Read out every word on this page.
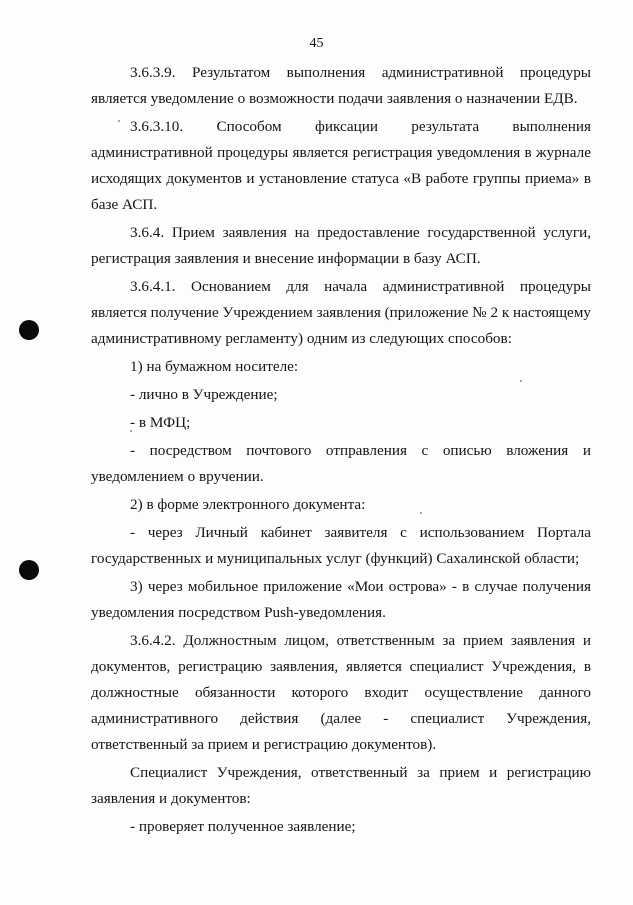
45

3.6.3.9. Результатом выполнения административной процедуры является уведомление о возможности подачи заявления о назначении ЕДВ.

3.6.3.10. Способом фиксации результата выполнения административной процедуры является регистрация уведомления в журнале исходящих документов и установление статуса «В работе группы приема» в базе АСП.

3.6.4. Прием заявления на предоставление государственной услуги, регистрация заявления и внесение информации в базу АСП.

3.6.4.1. Основанием для начала административной процедуры является получение Учреждением заявления (приложение № 2 к настоящему административному регламенту) одним из следующих способов:

1) на бумажном носителе:

- лично в Учреждение;

- в МФЦ;

- посредством почтового отправления с описью вложения и уведомлением о вручении.

2) в форме электронного документа:

- через Личный кабинет заявителя с использованием Портала государственных и муниципальных услуг (функций) Сахалинской области;

3) через мобильное приложение «Мои острова» - в случае получения уведомления посредством Push-уведомления.

3.6.4.2. Должностным лицом, ответственным за прием заявления и документов, регистрацию заявления, является специалист Учреждения, в должностные обязанности которого входит осуществление данного административного действия (далее - специалист Учреждения, ответственный за прием и регистрацию документов).

Специалист Учреждения, ответственный за прием и регистрацию заявления и документов:

- проверяет полученное заявление;
